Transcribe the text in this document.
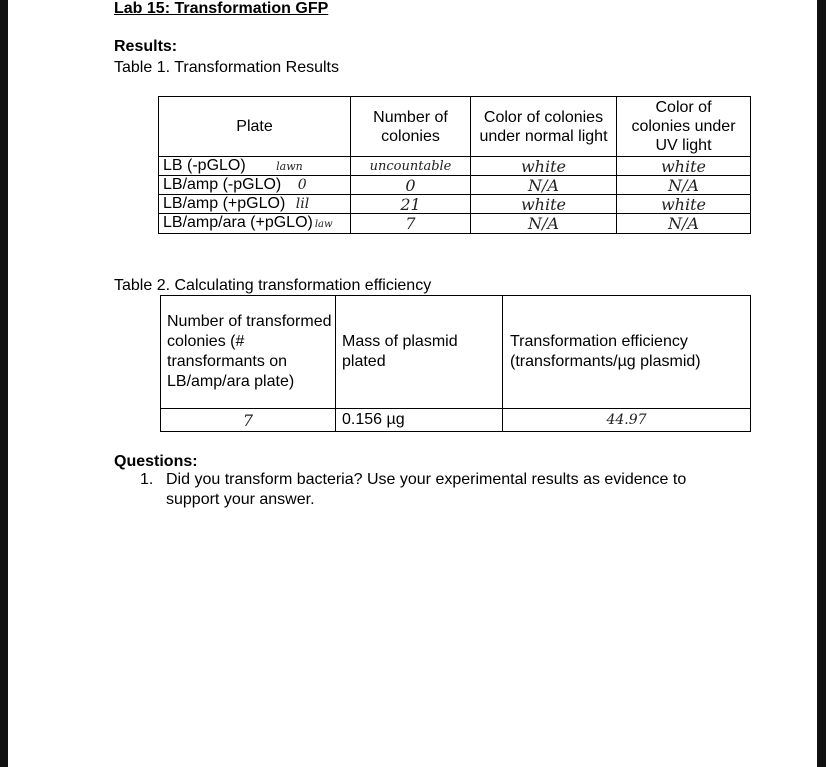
Lab 15: Transformation GFP
Results:
Table 1. Transformation Results
Plate	Number of colonies	Color of colonies under normal light	Color of colonies under UV light
LB (-pGLO) lawn	uncountable	white	white
LB/amp (-pGLO) 0	0	N/A	N/A
LB/amp (+pGLO) lil	21	white	white
LB/amp/ara (+pGLO) law	7	N/A	N/A
Table 2. Calculating transformation efficiency
Number of transformed colonies (# transformants on LB/amp/ara plate)	Mass of plasmid plated	Transformation efficiency (transformants/µg plasmid)
7	0.156 µg	44.97
Questions:
1. Did you transform bacteria? Use your experimental results as evidence to support your answer.
